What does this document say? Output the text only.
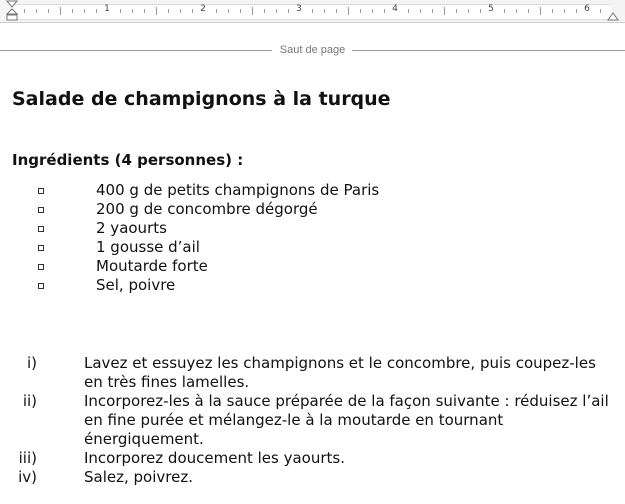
1	2	3	4	5	6
Saut de page
Salade de champignons à la turque
Ingrédients (4 personnes) :
400 g de petits champignons de Paris
200 g de concombre dégorgé
2 yaourts
1 gousse d’ail
Moutarde forte
Sel, poivre
i)	Lavez et essuyez les champignons et le concombre, puis coupez-les en très fines lamelles.
ii)	Incorporez-les à la sauce préparée de la façon suivante : réduisez l’ail en fine purée et mélangez-le à la moutarde en tournant énergiquement.
iii)	Incorporez doucement les yaourts.
iv)	Salez, poivrez.
